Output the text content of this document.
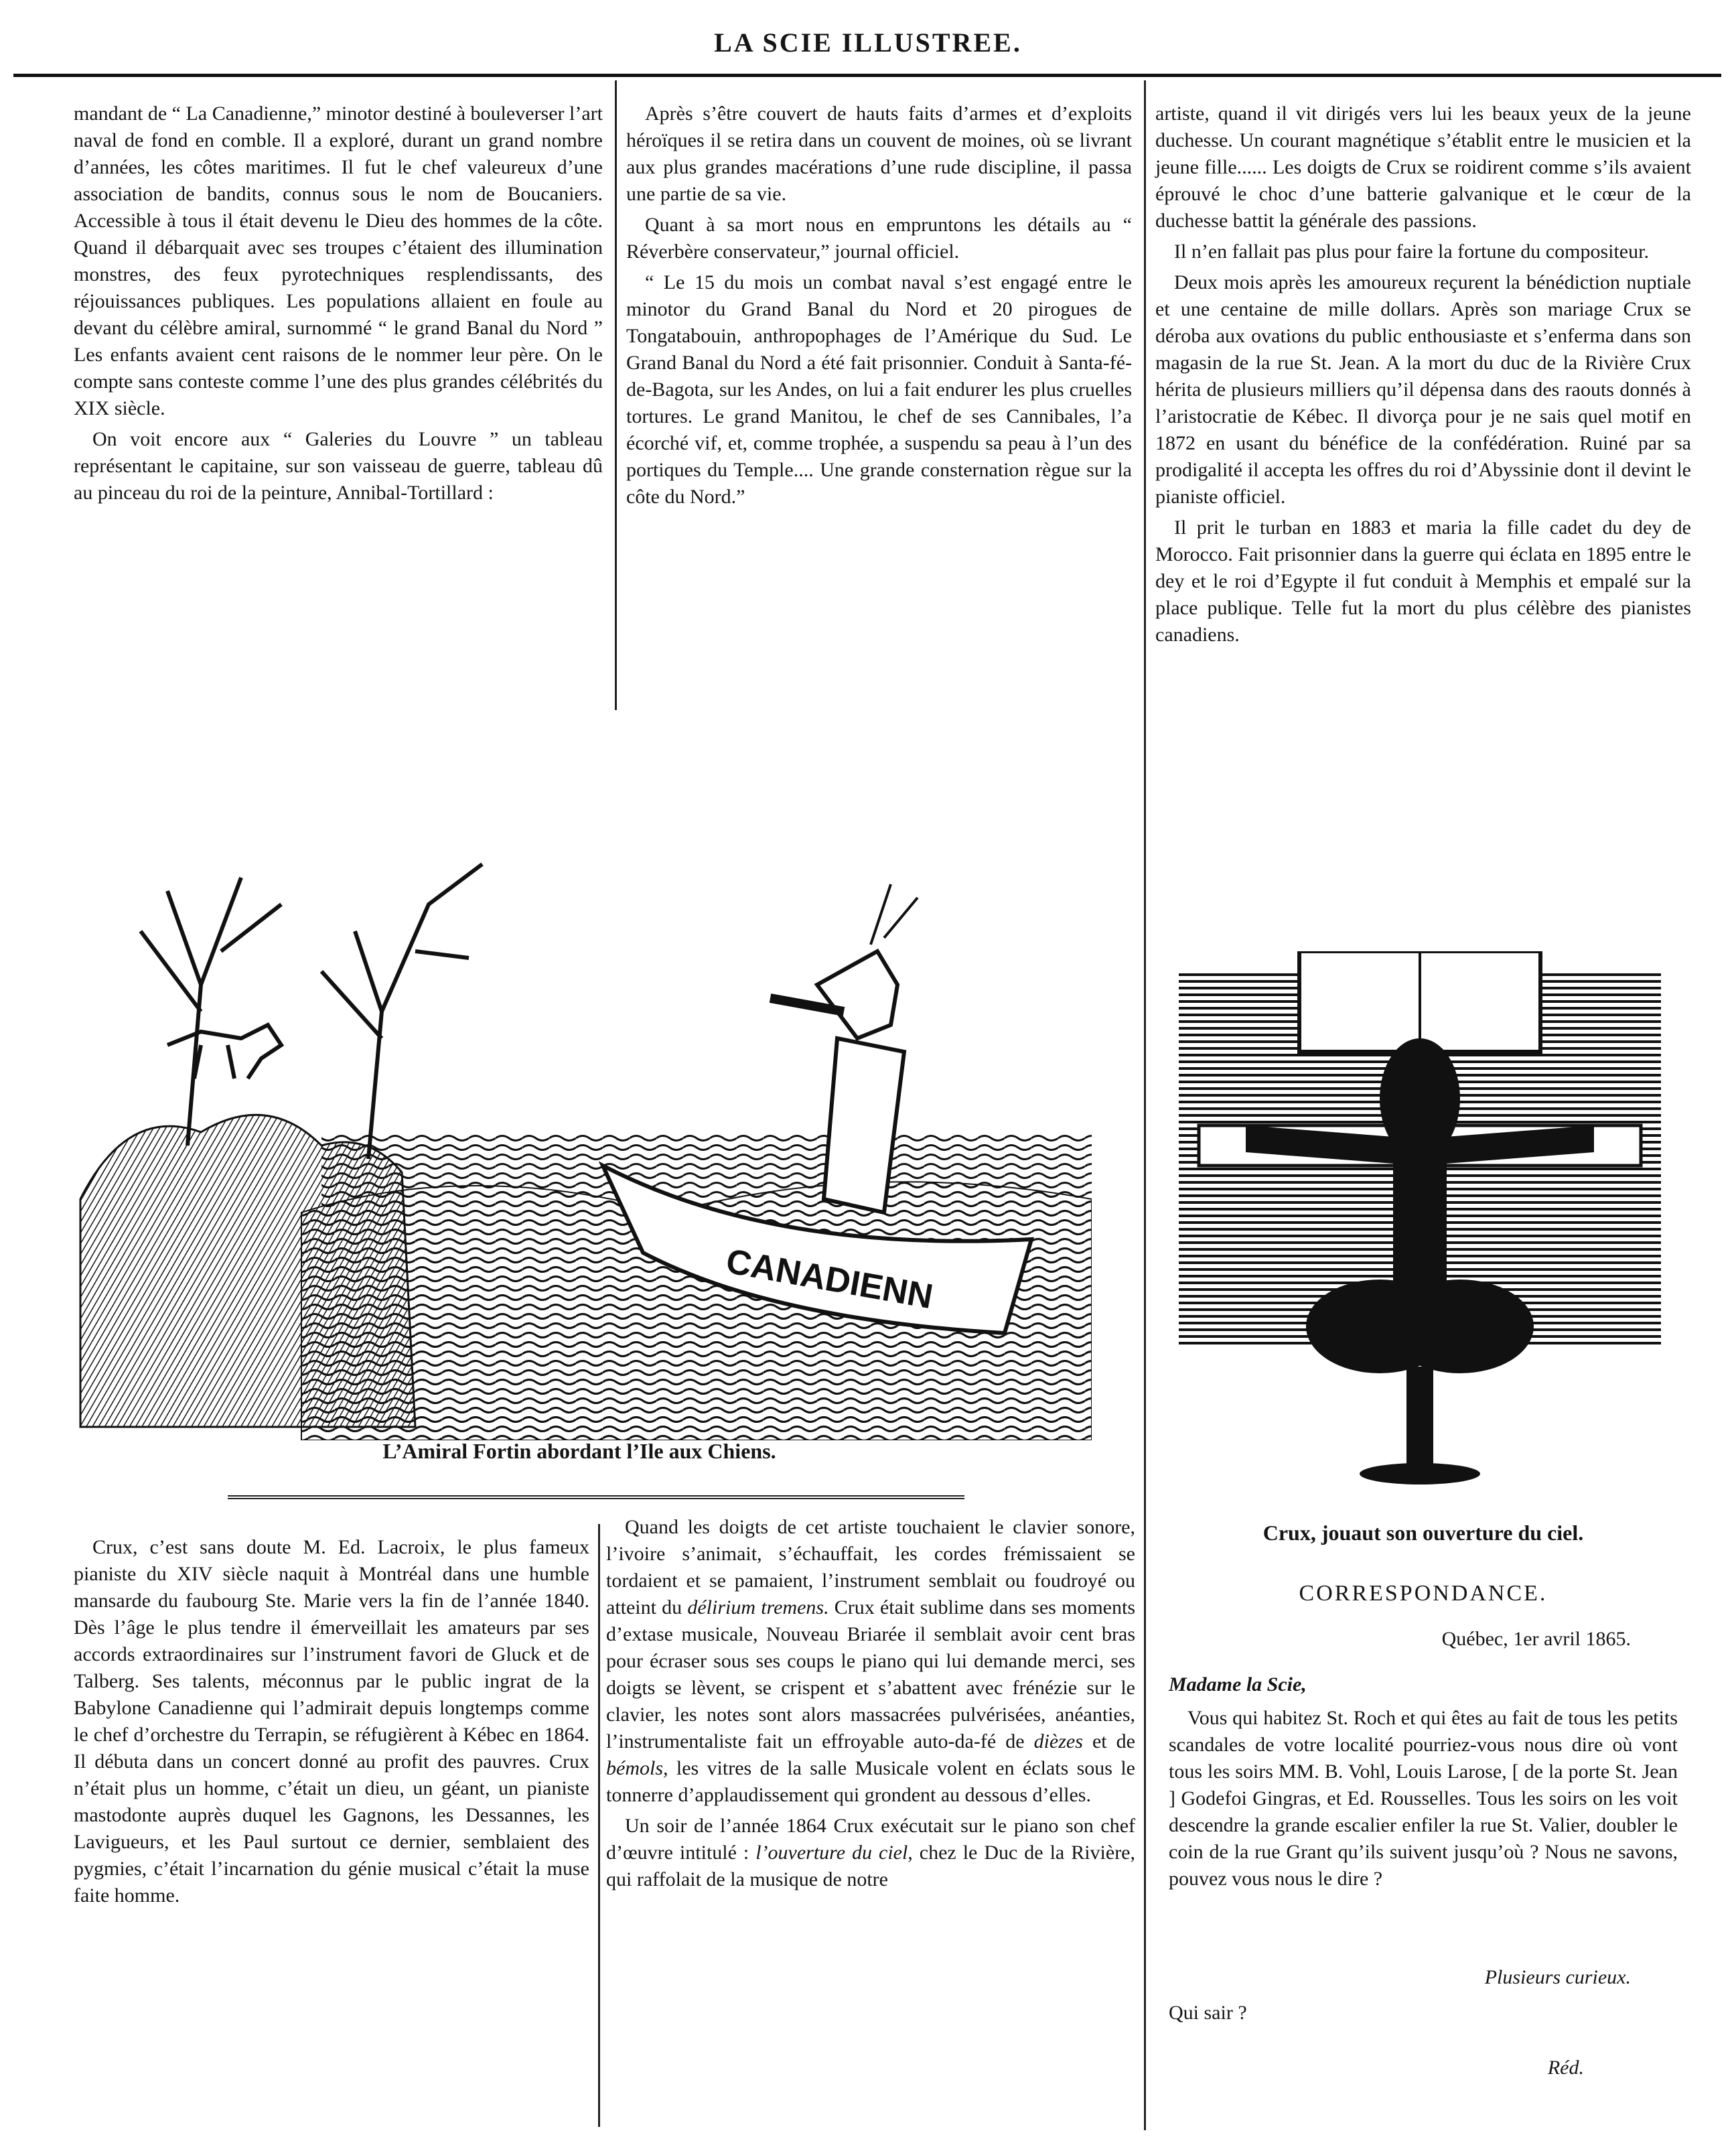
LA SCIE ILLUSTREE.

mandant de “ La Canadienne,” minotor destiné à bouleverser l’art naval de fond en comble. Il a exploré, durant un grand nombre d’années, les côtes maritimes. Il fut le chef valeureux d’une association de bandits, connus sous le nom de Boucaniers. Accessible à tous il était devenu le Dieu des hommes de la côte. Quand il débarquait avec ses troupes c’étaient des illumination monstres, des feux pyrotechniques resplendissants, des réjouissances publiques. Les populations allaient en foule au devant du célèbre amiral, surnommé “ le grand Banal du Nord ” Les enfants avaient cent raisons de le nommer leur père. On le compte sans conteste comme l’une des plus grandes célébrités du XIX siècle.

On voit encore aux “ Galeries du Louvre ” un tableau représentant le capitaine, sur son vaisseau de guerre, tableau dû au pinceau du roi de la peinture, Annibal-Tortillard :

Après s’être couvert de hauts faits d’armes et d’exploits héroïques il se retira dans un couvent de moines, où se livrant aux plus grandes macérations d’une rude discipline, il passa une partie de sa vie.

Quant à sa mort nous en empruntons les détails au “ Réverbère conservateur,” journal officiel.

“ Le 15 du mois un combat naval s’est engagé entre le minotor du Grand Banal du Nord et 20 pirogues de Tongatabouin, anthropophages de l’Amérique du Sud. Le Grand Banal du Nord a été fait prisonnier. Conduit à Santa-fé-de-Bagota, sur les Andes, on lui a fait endurer les plus cruelles tortures. Le grand Manitou, le chef de ses Cannibales, l’a écorché vif, et, comme trophée, a suspendu sa peau à l’un des portiques du Temple.... Une grande consternation règue sur la côte du Nord.”

artiste, quand il vit dirigés vers lui les beaux yeux de la jeune duchesse. Un courant magnétique s’établit entre le musicien et la jeune fille...... Les doigts de Crux se roidirent comme s’ils avaient éprouvé le choc d’une batterie galvanique et le cœur de la duchesse battit la générale des passions.

Il n’en fallait pas plus pour faire la fortune du compositeur.

Deux mois après les amoureux reçurent la bénédiction nuptiale et une centaine de mille dollars. Après son mariage Crux se déroba aux ovations du public enthousiaste et s’enferma dans son magasin de la rue St. Jean. A la mort du duc de la Rivière Crux hérita de plusieurs milliers qu’il dépensa dans des raouts donnés à l’aristocratie de Kébec. Il divorça pour je ne sais quel motif en 1872 en usant du bénéfice de la confédération. Ruiné par sa prodigalité il accepta les offres du roi d’Abyssinie dont il devint le pianiste officiel.

Il prit le turban en 1883 et maria la fille cadet du dey de Morocco. Fait prisonnier dans la guerre qui éclata en 1895 entre le dey et le roi d’Egypte il fut conduit à Memphis et empalé sur la place publique. Telle fut la mort du plus célèbre des pianistes canadiens.

CANADIENN
L’Amiral Fortin abordant l’Ile aux Chiens.

Crux, c’est sans doute M. Ed. Lacroix, le plus fameux pianiste du XIV siècle naquit à Montréal dans une humble mansarde du faubourg Ste. Marie vers la fin de l’année 1840. Dès l’âge le plus tendre il émerveillait les amateurs par ses accords extraordinaires sur l’instrument favori de Gluck et de Talberg. Ses talents, méconnus par le public ingrat de la Babylone Canadienne qui l’admirait depuis longtemps comme le chef d’orchestre du Terrapin, se réfugièrent à Kébec en 1864. Il débuta dans un concert donné au profit des pauvres. Crux n’était plus un homme, c’était un dieu, un géant, un pianiste mastodonte auprès duquel les Gagnons, les Dessannes, les Lavigueurs, et les Paul surtout ce dernier, semblaient des pygmies, c’était l’incarnation du génie musical c’était la muse faite homme.

Quand les doigts de cet artiste touchaient le clavier sonore, l’ivoire s’animait, s’échauffait, les cordes frémissaient se tordaient et se pamaient, l’instrument semblait ou foudroyé ou atteint du délirium tremens. Crux était sublime dans ses moments d’extase musicale, Nouveau Briarée il semblait avoir cent bras pour écraser sous ses coups le piano qui lui demande merci, ses doigts se lèvent, se crispent et s’abattent avec frénézie sur le clavier, les notes sont alors massacrées pulvérisées, anéanties, l’instrumentaliste fait un effroyable auto-da-fé de dièzes et de bémols, les vitres de la salle Musicale volent en éclats sous le tonnerre d’applaudissement qui grondent au dessous d’elles.

Un soir de l’année 1864 Crux exécutait sur le piano son chef d’œuvre intitulé : l’ouverture du ciel, chez le Duc de la Rivière, qui raffolait de la musique de notre

Crux, jouaut son ouverture du ciel.
CORRESPONDANCE.
Québec, 1er avril 1865.
Madame la Scie,

Vous qui habitez St. Roch et qui êtes au fait de tous les petits scandales de votre localité pourriez-vous nous dire où vont tous les soirs MM. B. Vohl, Louis Larose, [ de la porte St. Jean ] Godefoi Gingras, et Ed. Rousselles. Tous les soirs on les voit descendre la grande escalier enfiler la rue St. Valier, doubler le coin de la rue Grant qu’ils suivent jusqu’où ? Nous ne savons, pouvez vous nous le dire ?

Plusieurs curieux.
Qui sair ?
Réd.
